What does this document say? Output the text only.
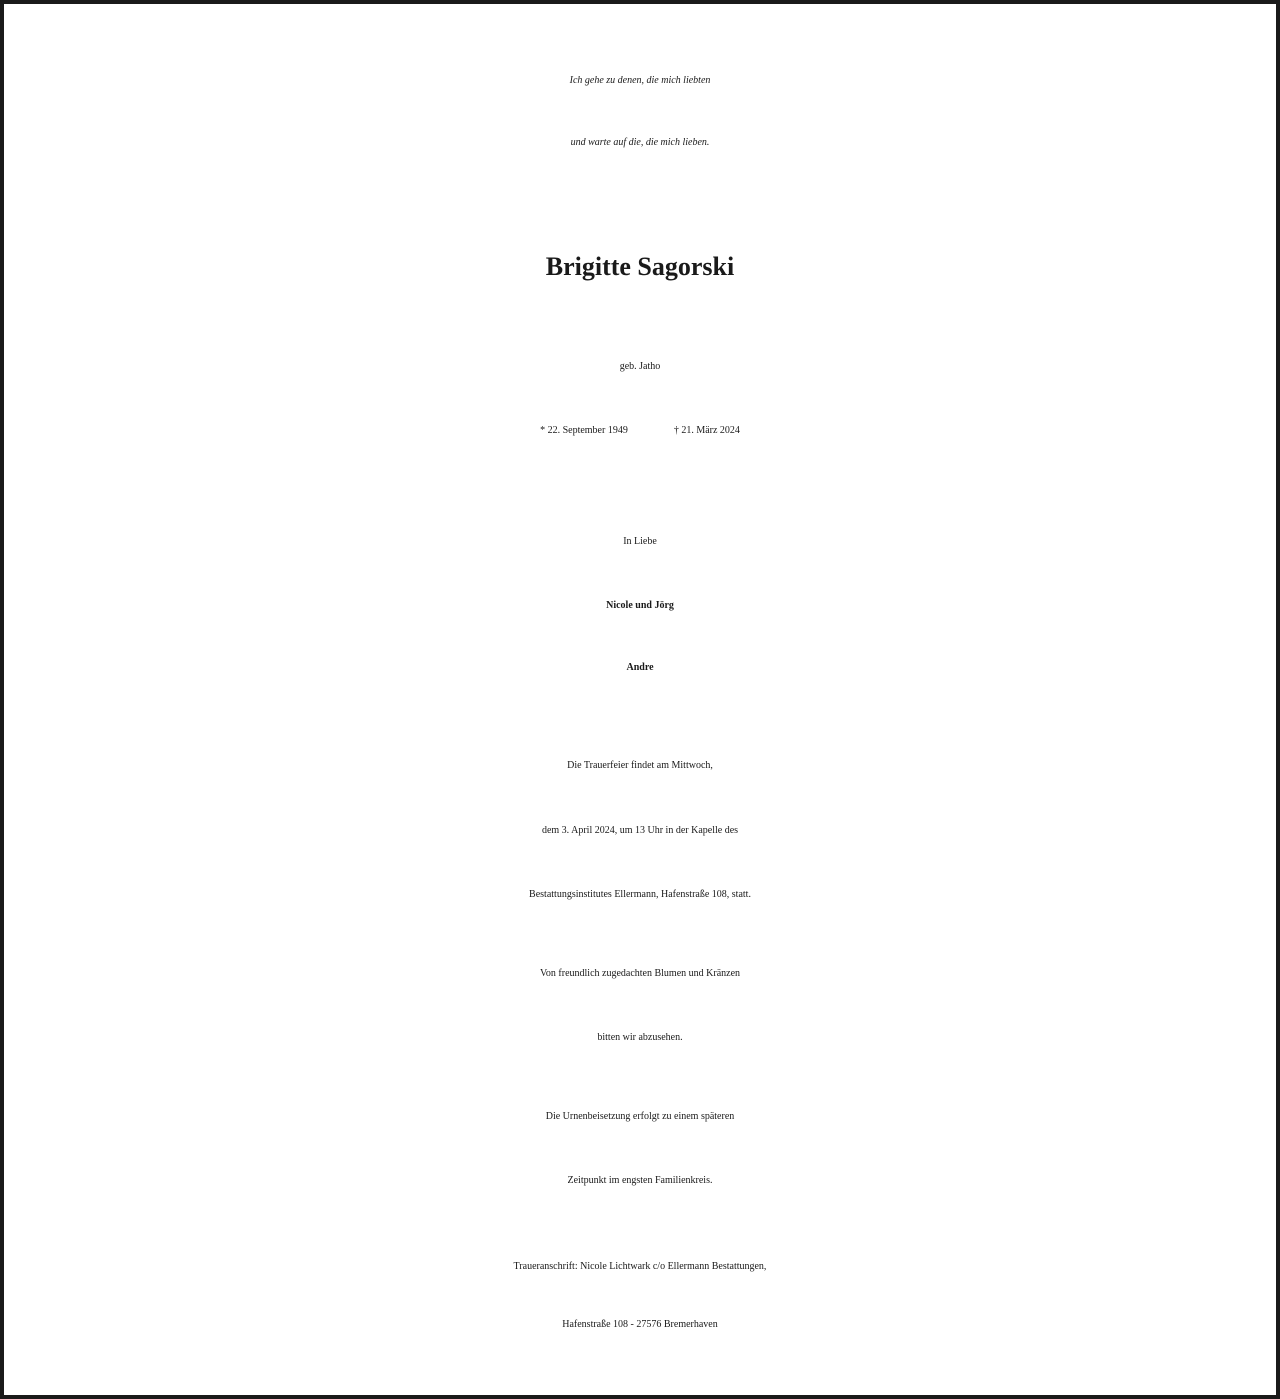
Ich gehe zu denen, die mich liebten
und warte auf die, die mich lieben.
Brigitte Sagorski
geb. Jatho
* 22. September 1949	† 21. März 2024
In Liebe
Nicole und Jörg
Andre
Die Trauerfeier findet am Mittwoch,
dem 3. April 2024, um 13 Uhr in der Kapelle des
Bestattungsinstitutes Ellermann, Hafenstraße 108, statt.
Von freundlich zugedachten Blumen und Kränzen
bitten wir abzusehen.
Die Urnenbeisetzung erfolgt zu einem späteren
Zeitpunkt im engsten Familienkreis.
Traueranschrift: Nicole Lichtwark c/o Ellermann Bestattungen,
Hafenstraße 108 - 27576 Bremerhaven
